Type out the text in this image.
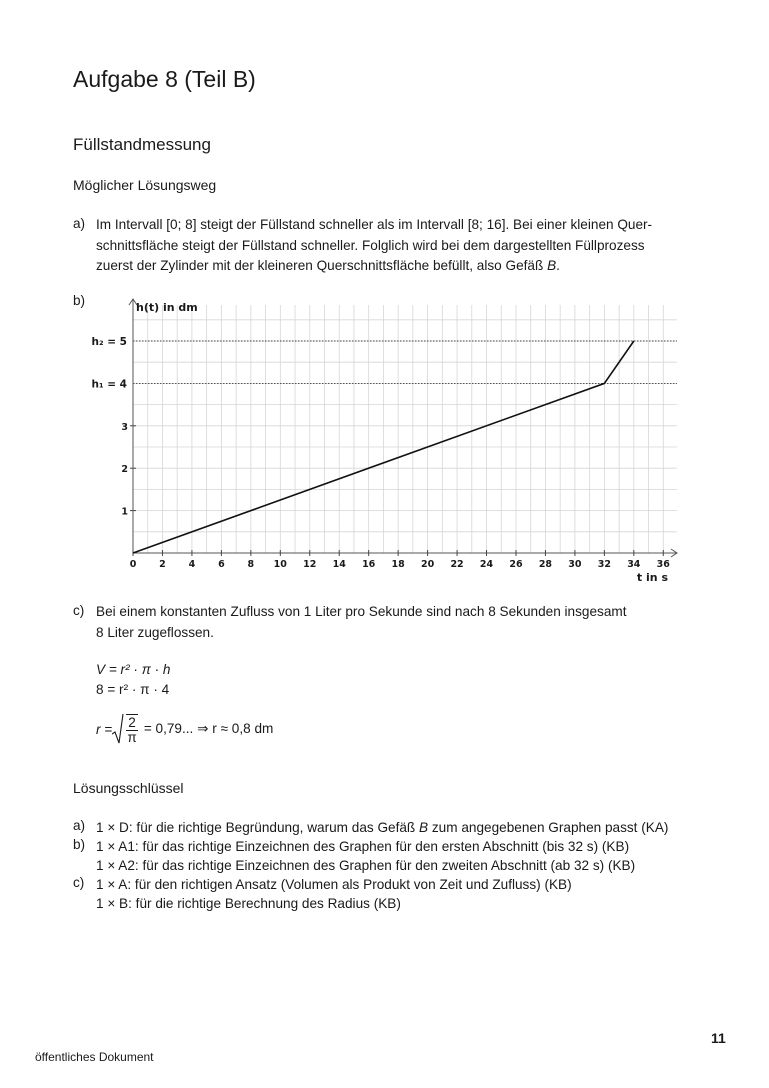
Aufgabe 8 (Teil B)
Füllstandmessung
Möglicher Lösungsweg
a) Im Intervall [0; 8] steigt der Füllstand schneller als im Intervall [8; 16]. Bei einer kleinen Quer-
schnittsfläche steigt der Füllstand schneller. Folglich wird bei dem dargestellten Füllprozess
zuerst der Zylinder mit der kleineren Querschnittsfläche befüllt, also Gefäß B.
b)
h₁ = 4
h₂ = 5
0 2 4 6 8 10 12 14 16 18 20 22 24 26 28 30 32 34 36
1
2
3
h(t) in dm
t in s
c) Bei einem konstanten Zufluss von 1 Liter pro Sekunde sind nach 8 Sekunden insgesamt
8 Liter zugeflossen.
V = r² · π · h
8 = r² · π · 4
$r = \frac{2}{\pi} = 0,79$... ⇒ r ≈ 0,8 dm
Lösungsschlüssel
a) 1 × D: für die richtige Begründung, warum das Gefäß B zum angegebenen Graphen passt (KA)
b) 1 × A1: für das richtige Einzeichnen des Graphen für den ersten Abschnitt (bis 32 s) (KB)
1 × A2: für das richtige Einzeichnen des Graphen für den zweiten Abschnitt (ab 32 s) (KB)
c) 1 × A: für den richtigen Ansatz (Volumen als Produkt von Zeit und Zufluss) (KB)
1 × B: für die richtige Berechnung des Radius (KB)
11
öffentliches Dokument
